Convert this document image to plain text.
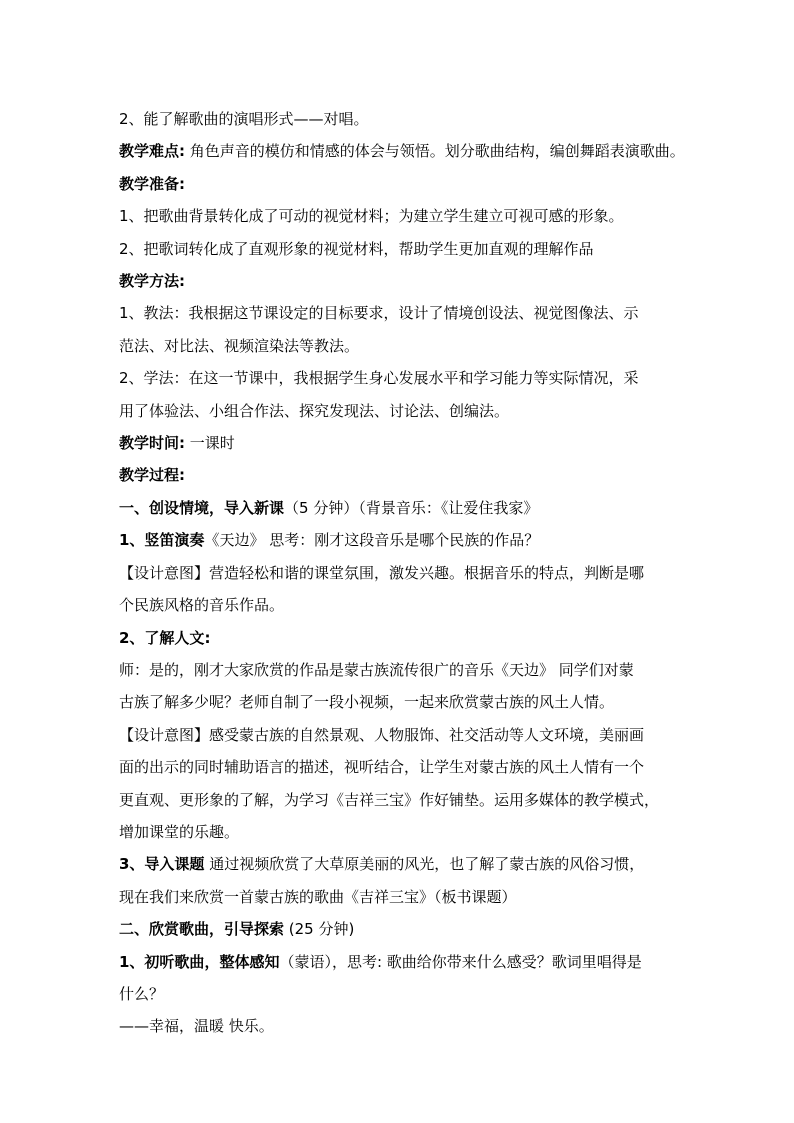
2、能了解歌曲的演唱形式——对唱。

教学难点: 角色声音的模仿和情感的体会与领悟。划分歌曲结构，编创舞蹈表演歌曲。

教学准备:

1、把歌曲背景转化成了可动的视觉材料；为建立学生建立可视可感的形象。

2、把歌词转化成了直观形象的视觉材料，帮助学生更加直观的理解作品

教学方法:

1、教法：我根据这节课设定的目标要求，设计了情境创设法、视觉图像法、示

范法、对比法、视频渲染法等教法。

2、学法：在这一节课中，我根据学生身心发展水平和学习能力等实际情况，采

用了体验法、小组合作法、探究发现法、讨论法、创编法。

教学时间: 一课时

教学过程:

一、创设情境，导入新课（5 分钟）（背景音乐：《让爱住我家》

1、竖笛演奏《天边》 思考：刚才这段音乐是哪个民族的作品？

【设计意图】营造轻松和谐的课堂氛围，激发兴趣。根据音乐的特点，判断是哪

个民族风格的音乐作品。

2、了解人文:

师：是的，刚才大家欣赏的作品是蒙古族流传很广的音乐《天边》 同学们对蒙

古族了解多少呢？老师自制了一段小视频，一起来欣赏蒙古族的风土人情。

【设计意图】感受蒙古族的自然景观、人物服饰、社交活动等人文环境，美丽画

面的出示的同时辅助语言的描述，视听结合，让学生对蒙古族的风土人情有一个

更直观、更形象的了解，为学习《吉祥三宝》作好铺垫。运用多媒体的教学模式，

增加课堂的乐趣。

3、导入课题 通过视频欣赏了大草原美丽的风光，也了解了蒙古族的风俗习惯，

现在我们来欣赏一首蒙古族的歌曲《吉祥三宝》（板书课题）

二、欣赏歌曲，引导探索 (25 分钟)

1、初听歌曲，整体感知（蒙语），思考: 歌曲给你带来什么感受？歌词里唱得是

什么？

——幸福，温暖 快乐。
